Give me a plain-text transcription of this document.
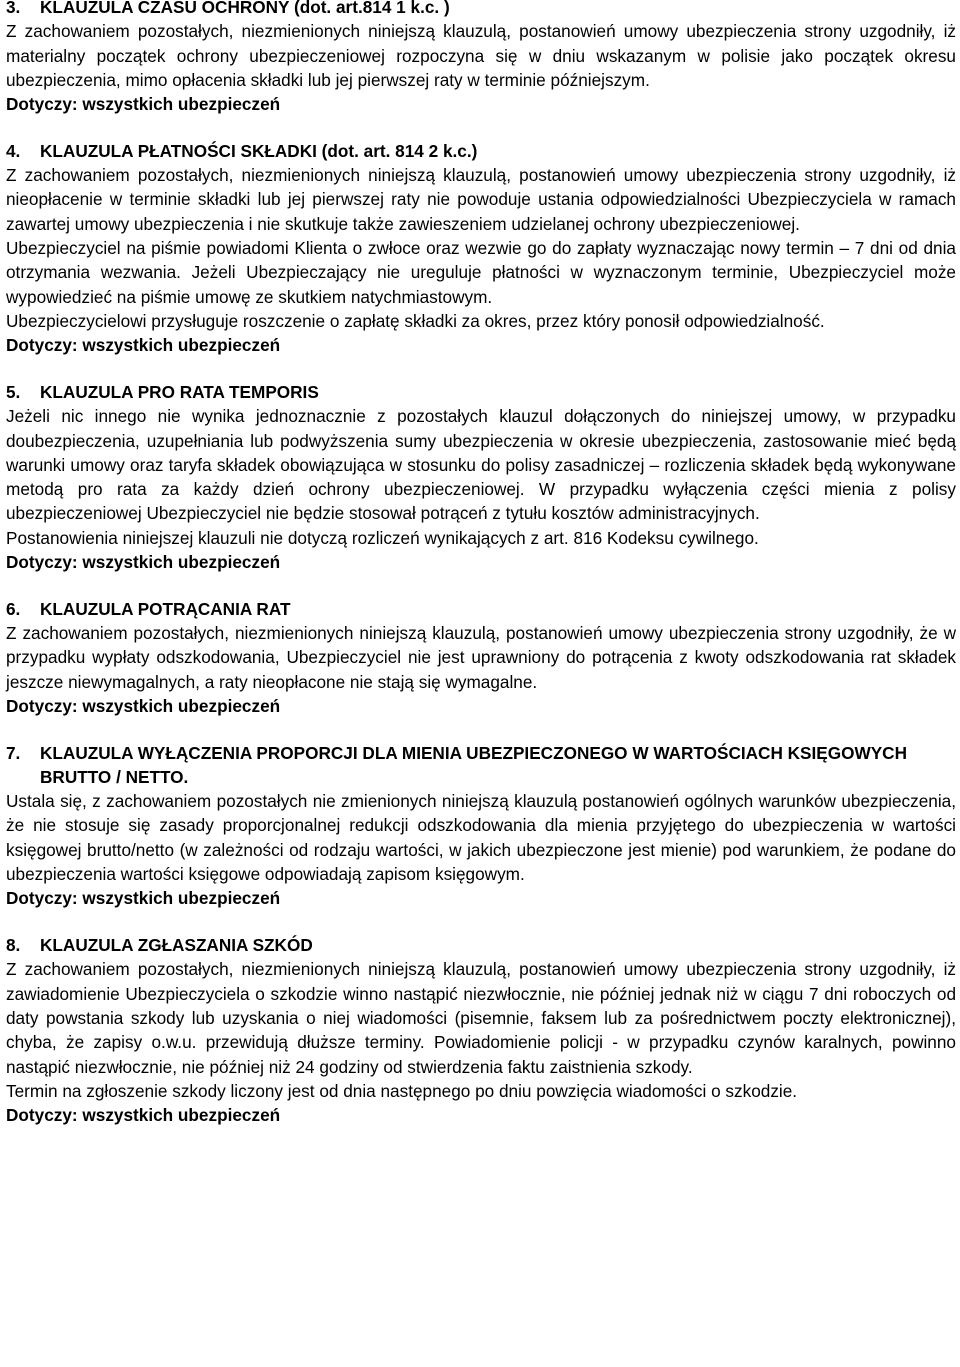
3.	KLAUZULA CZASU OCHRONY (dot. art.814 1 k.c. )

Z zachowaniem pozostałych, niezmienionych niniejszą klauzulą, postanowień umowy ubezpieczenia strony uzgodniły, iż materialny początek ochrony ubezpieczeniowej rozpoczyna się w dniu wskazanym w polisie jako początek okresu ubezpieczenia, mimo opłacenia składki lub jej pierwszej raty w terminie późniejszym.

Dotyczy: wszystkich ubezpieczeń

4.	KLAUZULA PŁATNOŚCI SKŁADKI (dot. art. 814 2 k.c.)

Z zachowaniem pozostałych, niezmienionych niniejszą klauzulą, postanowień umowy ubezpieczenia strony uzgodniły, iż nieopłacenie w terminie składki lub jej pierwszej raty nie powoduje ustania odpowiedzialności Ubezpieczyciela w ramach zawartej umowy ubezpieczenia i nie skutkuje także zawieszeniem udzielanej ochrony ubezpieczeniowej.

Ubezpieczyciel na piśmie powiadomi Klienta o zwłoce oraz wezwie go do zapłaty wyznaczając nowy termin – 7 dni od dnia otrzymania wezwania. Jeżeli Ubezpieczający nie ureguluje płatności w wyznaczonym terminie, Ubezpieczyciel może wypowiedzieć na piśmie umowę ze skutkiem natychmiastowym.

Ubezpieczycielowi przysługuje roszczenie o zapłatę składki za okres, przez który ponosił odpowiedzialność.

Dotyczy: wszystkich ubezpieczeń

5.	KLAUZULA PRO RATA TEMPORIS

Jeżeli nic innego nie wynika jednoznacznie z pozostałych klauzul dołączonych do niniejszej umowy, w przypadku doubezpieczenia, uzupełniania lub podwyższenia sumy ubezpieczenia w okresie ubezpieczenia, zastosowanie mieć będą warunki umowy oraz taryfa składek obowiązująca w stosunku do polisy zasadniczej – rozliczenia składek będą wykonywane metodą pro rata za każdy dzień ochrony ubezpieczeniowej. W przypadku wyłączenia części mienia z polisy ubezpieczeniowej Ubezpieczyciel nie będzie stosował potrąceń z tytułu kosztów administracyjnych.

Postanowienia niniejszej klauzuli nie dotyczą rozliczeń wynikających z art. 816 Kodeksu cywilnego.

Dotyczy: wszystkich ubezpieczeń

6.	KLAUZULA POTRĄCANIA RAT

Z zachowaniem pozostałych, niezmienionych niniejszą klauzulą, postanowień umowy ubezpieczenia strony uzgodniły, że w przypadku wypłaty odszkodowania, Ubezpieczyciel nie jest uprawniony do potrącenia z kwoty odszkodowania rat składek jeszcze niewymagalnych, a raty nieopłacone nie stają się wymagalne.

Dotyczy: wszystkich ubezpieczeń

7.	KLAUZULA WYŁĄCZENIA PROPORCJI DLA MIENIA UBEZPIECZONEGO W WARTOŚCIACH KSIĘGOWYCH BRUTTO / NETTO.

Ustala się, z zachowaniem pozostałych nie zmienionych niniejszą klauzulą postanowień ogólnych warunków ubezpieczenia, że nie stosuje się zasady proporcjonalnej redukcji odszkodowania dla mienia przyjętego do ubezpieczenia w wartości księgowej brutto/netto (w zależności od rodzaju wartości, w jakich ubezpieczone jest mienie) pod warunkiem, że podane do ubezpieczenia wartości księgowe odpowiadają zapisom księgowym.

Dotyczy: wszystkich ubezpieczeń

8.	KLAUZULA ZGŁASZANIA SZKÓD

Z zachowaniem pozostałych, niezmienionych niniejszą klauzulą, postanowień umowy ubezpieczenia strony uzgodniły, iż zawiadomienie Ubezpieczyciela o szkodzie winno nastąpić niezwłocznie, nie później jednak niż w ciągu 7 dni roboczych od daty powstania szkody lub uzyskania o niej wiadomości (pisemnie, faksem lub za pośrednictwem poczty elektronicznej), chyba, że zapisy o.w.u. przewidują dłuższe terminy. Powiadomienie policji - w przypadku czynów karalnych, powinno nastąpić niezwłocznie, nie później niż 24 godziny od stwierdzenia faktu zaistnienia szkody.

Termin na zgłoszenie szkody liczony jest od dnia następnego po dniu powzięcia wiadomości o szkodzie.

Dotyczy: wszystkich ubezpieczeń
